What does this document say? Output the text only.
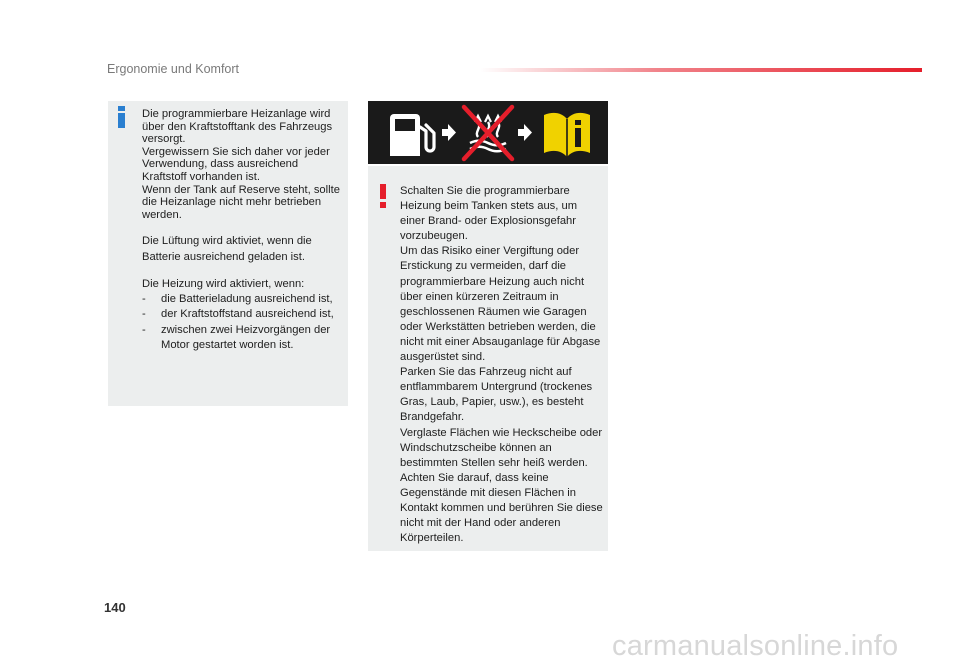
Ergonomie und Komfort

Die programmierbare Heizanlage wird über den Kraftstofftank des Fahrzeugs versorgt.

Vergewissern Sie sich daher vor jeder Verwendung, dass ausreichend Kraftstoff vorhanden ist.

Wenn der Tank auf Reserve steht, sollte die Heizanlage nicht mehr betrieben werden.

Die Lüftung wird aktiviet, wenn die Batterie ausreichend geladen ist.

Die Heizung wird aktiviert, wenn:

-	die Batterieladung ausreichend ist,
-	der Kraftstoffstand ausreichend ist,
-	zwischen zwei Heizvorgängen der Motor gestartet worden ist.

Schalten Sie die programmierbare Heizung beim Tanken stets aus, um einer Brand- oder Explosionsgefahr vorzubeugen.

Um das Risiko einer Vergiftung oder Erstickung zu vermeiden, darf die programmierbare Heizung auch nicht über einen kürzeren Zeitraum in geschlossenen Räumen wie Garagen oder Werkstätten betrieben werden, die nicht mit einer Absauganlage für Abgase ausgerüstet sind.

Parken Sie das Fahrzeug nicht auf entflammbarem Untergrund (trockenes Gras, Laub, Papier, usw.), es besteht Brandgefahr.

Verglaste Flächen wie Heckscheibe oder Windschutzscheibe können an bestimmten Stellen sehr heiß werden.

Achten Sie darauf, dass keine Gegenstände mit diesen Flächen in Kontakt kommen und berühren Sie diese nicht mit der Hand oder anderen Körperteilen.

140
carmanualsonline.info
